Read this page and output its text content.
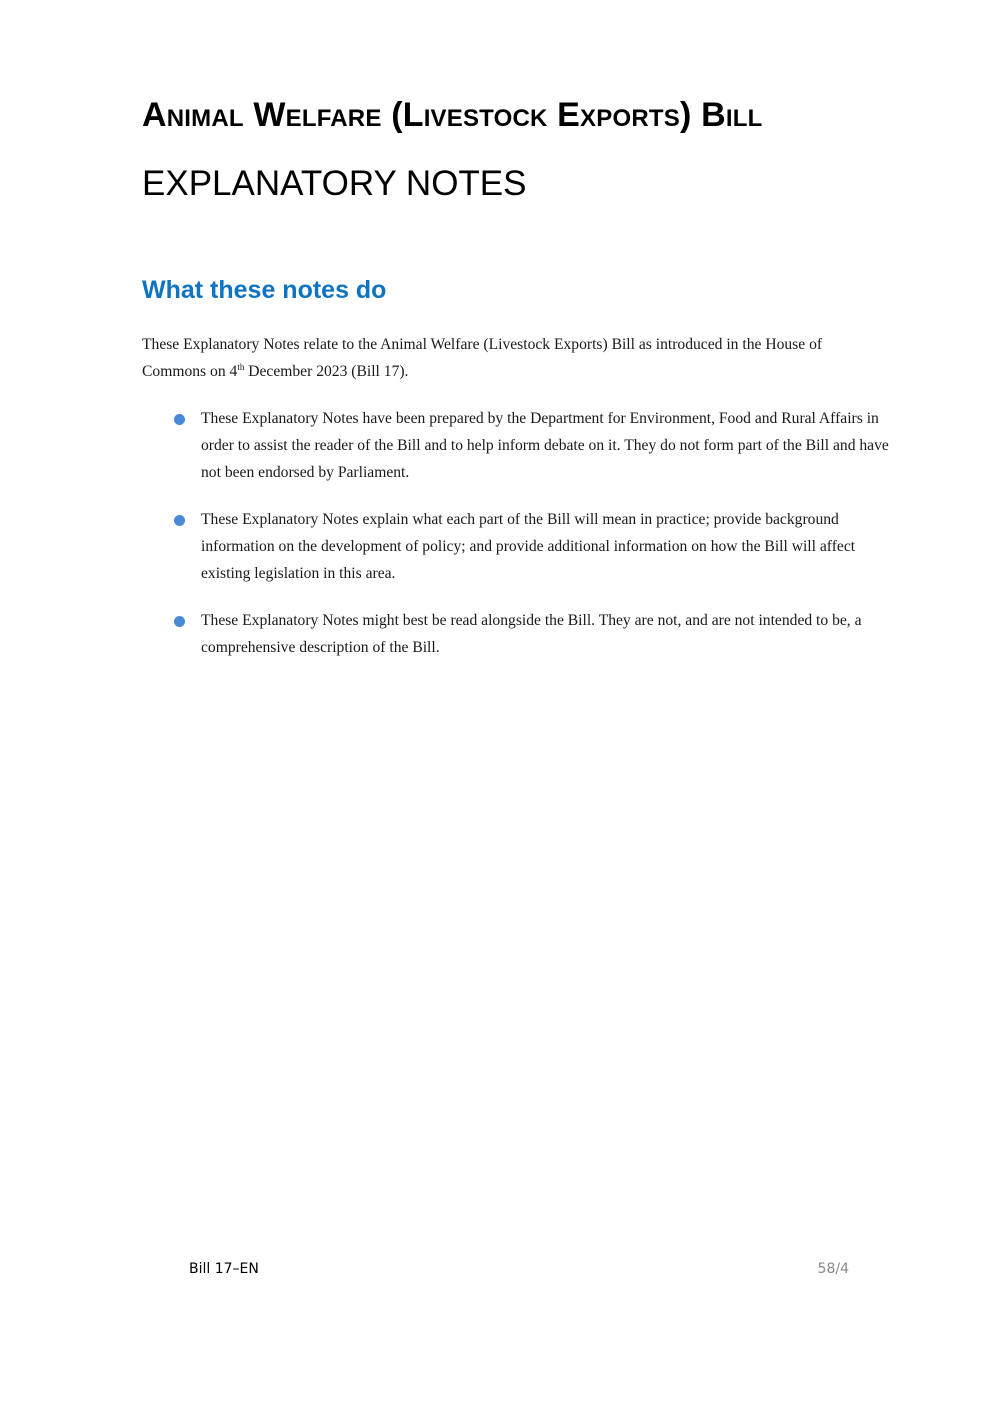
Animal Welfare (Livestock Exports) Bill
EXPLANATORY NOTES
What these notes do

These Explanatory Notes relate to the Animal Welfare (Livestock Exports) Bill as introduced in the House of Commons on 4th December 2023 (Bill 17).

These Explanatory Notes have been prepared by the Department for Environment, Food and Rural Affairs in order to assist the reader of the Bill and to help inform debate on it. They do not form part of the Bill and have not been endorsed by Parliament.
These Explanatory Notes explain what each part of the Bill will mean in practice; provide background information on the development of policy; and provide additional information on how the Bill will affect existing legislation in this area.
These Explanatory Notes might best be read alongside the Bill. They are not, and are not intended to be, a comprehensive description of the Bill.
Bill 17–EN	58/4
